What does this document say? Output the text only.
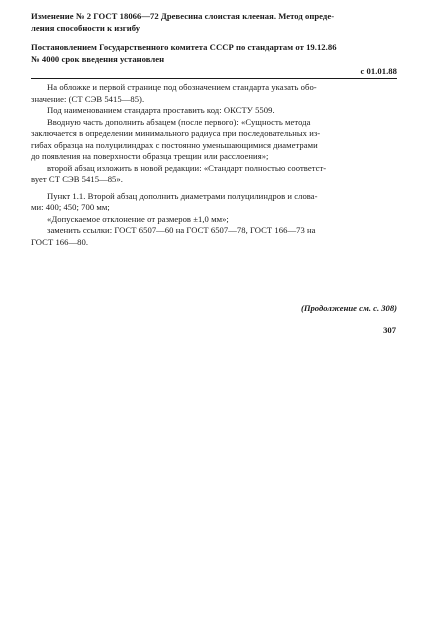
Изменение № 2 ГОСТ 18066—72 Древесина слоистая клееная. Метод опреде-
ления способности к изгибу
Постановлением Государственного комитета СССР по стандартам от 19.12.86
№ 4000 срок введения установлен
с 01.01.88
На обложке и первой странице под обозначением стандарта указать обо-
значение: (СТ СЭВ 5415—85).
Под наименованием стандарта проставить код: ОКСТУ 5509.
Вводную часть дополнить абзацем (после первого): «Сущность метода
заключается в определении минимального радиуса при последовательных из-
гибах образца на полуцилиндрах с постоянно уменьшающимися диаметрами
до появления на поверхности образца трещин или расслоения»;
второй абзац изложить в новой редакции: «Стандарт полностью соответст-
вует СТ СЭВ 5415—85».
Пункт 1.1. Второй абзац дополнить диаметрами полуцилиндров и слова-
ми: 400; 450; 700 мм;
«Допускаемое отклонение от размеров ±1,0 мм»;
заменить ссылки: ГОСТ 6507—60 на ГОСТ 6507—78, ГОСТ 166—73 на
ГОСТ 166—80.
(Продолжение см. с. 308)
307
